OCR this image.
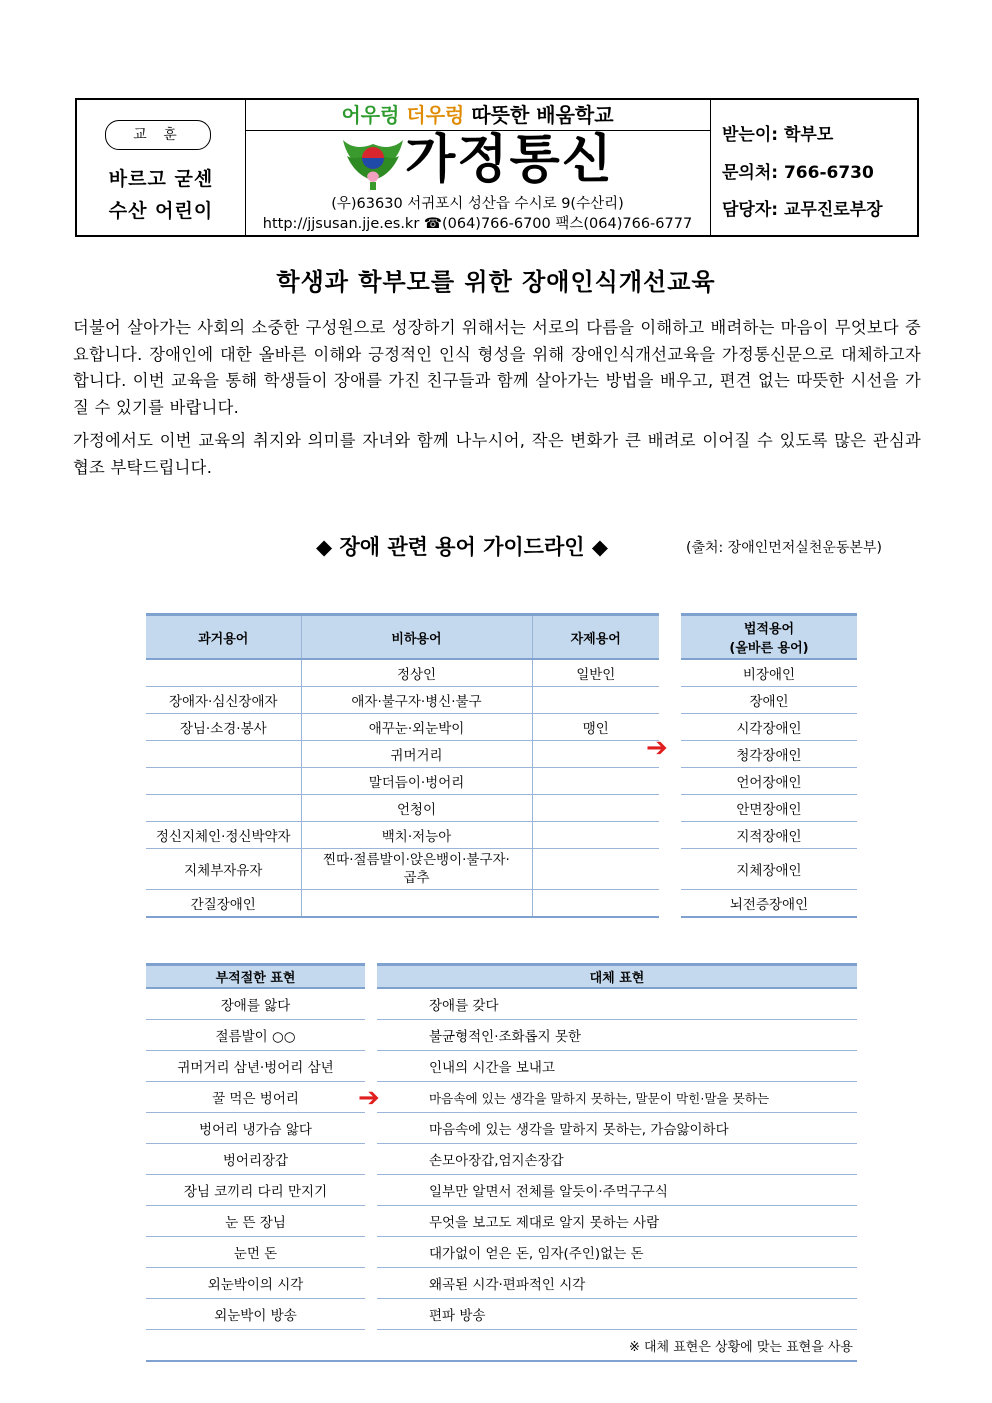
교 훈
바르고 굳센
수산 어린이
어우렁 더우렁 따뜻한 배움학교
가정통신
(우)63630 서귀포시 성산읍 수시로 9(수산리)
http://jjsusan.jje.es.kr ☎(064)766-6700 팩스(064)766-6777
받는이: 학부모
문의처: 766-6730
담당자: 교무진로부장
학생과 학부모를 위한 장애인식개선교육

더불어 살아가는 사회의 소중한 구성원으로 성장하기 위해서는 서로의 다름을 이해하고 배려하는 마음이 무엇보다 중요합니다. 장애인에 대한 올바른 이해와 긍정적인 인식 형성을 위해 장애인식개선교육을 가정통신문으로 대체하고자 합니다. 이번 교육을 통해 학생들이 장애를 가진 친구들과 함께 살아가는 방법을 배우고, 편견 없는 따뜻한 시선을 가질 수 있기를 바랍니다.

가정에서도 이번 교육의 취지와 의미를 자녀와 함께 나누시어, 작은 변화가 큰 배려로 이어질 수 있도록 많은 관심과 협조 부탁드립니다.

◆ 장애 관련 용어 가이드라인 ◆	(출처: 장애인먼저실천운동본부)
과거용어	비하용어	자제용어		법적용어
(올바른 용어)

	정상인	일반인		비장애인
장애자·심신장애자	애자·불구자·병신·불구			장애인
장님·소경·봉사	애꾸눈·외눈박이	맹인		시각장애인
	귀머거리			청각장애인
	말더듬이·벙어리			언어장애인
	언청이			안면장애인
정신지체인·정신박약자	백치·저능아			지적장애인
지체부자유자	찐따·절름발이·앉은뱅이·불구자·곱추			지체장애인
간질장애인				뇌전증장애인
➔
부적절한 표현		대체 표현
장애를 앓다		장애를 갖다
절름발이 ○○		불균형적인·조화롭지 못한
귀머거리 삼년·벙어리 삼년		인내의 시간을 보내고
꿀 먹은 벙어리		마음속에 있는 생각을 말하지 못하는, 말문이 막힌·말을 못하는
벙어리 냉가슴 앓다		마음속에 있는 생각을 말하지 못하는, 가슴앓이하다
벙어리장갑		손모아장갑,엄지손장갑
장님 코끼리 다리 만지기		일부만 알면서 전체를 알듯이·주먹구구식
눈 뜬 장님		무엇을 보고도 제대로 알지 못하는 사람
눈먼 돈		대가없이 얻은 돈, 임자(주인)없는 돈
외눈박이의 시각		왜곡된 시각·편파적인 시각
외눈박이 방송		편파 방송
※ 대체 표현은 상황에 맞는 표현을 사용		
➔
